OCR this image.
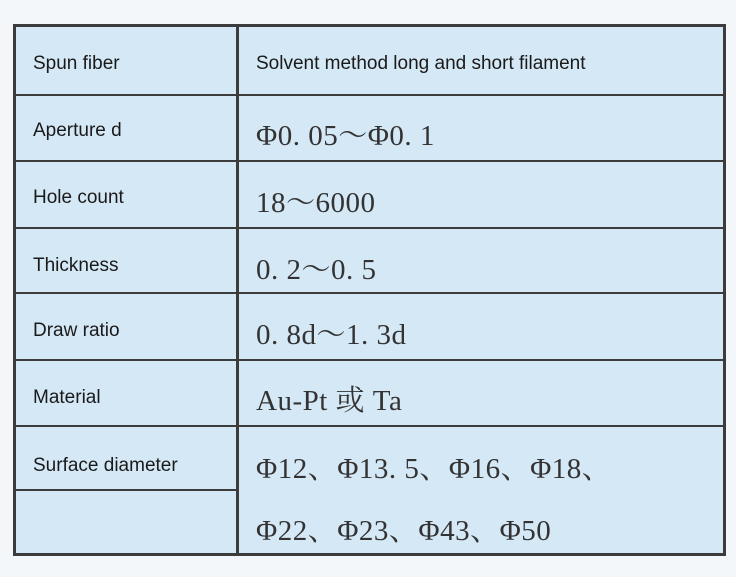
Spun fiber	Solvent method long and short filament
Aperture d	Φ0. 05～Φ0. 1
Hole count	18～6000
Thickness	0. 2～0. 5
Draw ratio	0. 8d～1. 3d
Material	Au-Pt 或 Ta
Surface diameter	Φ12、Φ13. 5、Φ16、Φ18、
Φ22、Φ23、Φ43、Φ50
